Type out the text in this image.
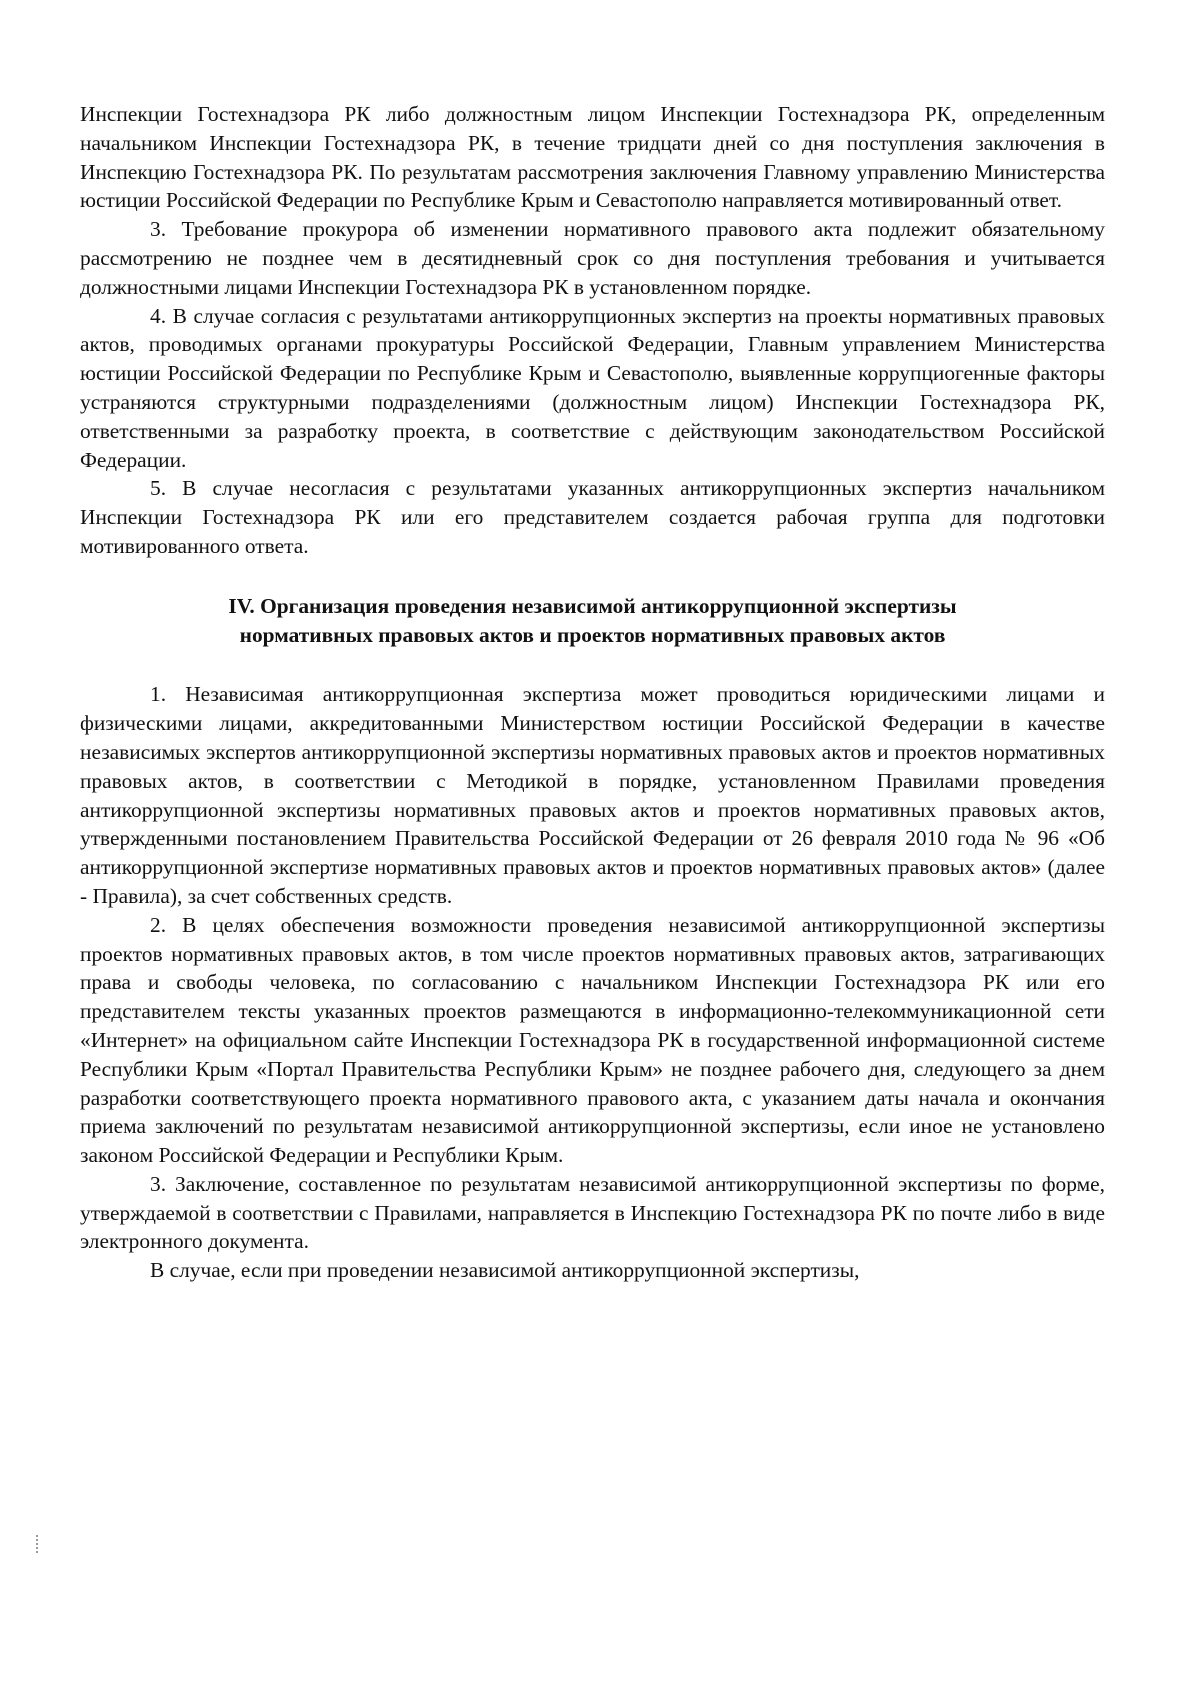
Инспекции Гостехнадзора РК либо должностным лицом Инспекции Гостехнадзора РК, определенным начальником Инспекции Гостехнадзора РК, в течение тридцати дней со дня поступления заключения в Инспекцию Гостехнадзора РК. По результатам рассмотрения заключения Главному управлению Министерства юстиции Российской Федерации по Республике Крым и Севастополю направляется мотивированный ответ.

3. Требование прокурора об изменении нормативного правового акта подлежит обязательному рассмотрению не позднее чем в десятидневный срок со дня поступления требования и учитывается должностными лицами Инспекции Гостехнадзора РК в установленном порядке.

4. В случае согласия с результатами антикоррупционных экспертиз на проекты нормативных правовых актов, проводимых органами прокуратуры Российской Федерации, Главным управлением Министерства юстиции Российской Федерации по Республике Крым и Севастополю, выявленные коррупциогенные факторы устраняются структурными подразделениями (должностным лицом) Инспекции Гостехнадзора РК, ответственными за разработку проекта, в соответствие с действующим законодательством Российской Федерации.

5. В случае несогласия с результатами указанных антикоррупционных экспертиз начальником Инспекции Гостехнадзора РК или его представителем создается рабочая группа для подготовки мотивированного ответа.

IV. Организация проведения независимой антикоррупционной экспертизы
нормативных правовых актов и проектов нормативных правовых актов

1. Независимая антикоррупционная экспертиза может проводиться юридическими лицами и физическими лицами, аккредитованными Министерством юстиции Российской Федерации в качестве независимых экспертов антикоррупционной экспертизы нормативных правовых актов и проектов нормативных правовых актов, в соответствии с Методикой в порядке, установленном Правилами проведения антикоррупционной экспертизы нормативных правовых актов и проектов нормативных правовых актов, утвержденными постановлением Правительства Российской Федерации от 26 февраля 2010 года № 96 «Об антикоррупционной экспертизе нормативных правовых актов и проектов нормативных правовых актов» (далее - Правила), за счет собственных средств.

2. В целях обеспечения возможности проведения независимой антикоррупционной экспертизы проектов нормативных правовых актов, в том числе проектов нормативных правовых актов, затрагивающих права и свободы человека, по согласованию с начальником Инспекции Гостехнадзора РК или его представителем тексты указанных проектов размещаются в информационно-телекоммуникационной сети «Интернет» на официальном сайте Инспекции Гостехнадзора РК в государственной информационной системе Республики Крым «Портал Правительства Республики Крым» не позднее рабочего дня, следующего за днем разработки соответствующего проекта нормативного правового акта, с указанием даты начала и окончания приема заключений по результатам независимой антикоррупционной экспертизы, если иное не установлено законом Российской Федерации и Республики Крым.

3. Заключение, составленное по результатам независимой антикоррупционной экспертизы по форме, утверждаемой в соответствии с Правилами, направляется в Инспекцию Гостехнадзора РК по почте либо в виде электронного документа.

В случае, если при проведении независимой антикоррупционной экспертизы,
